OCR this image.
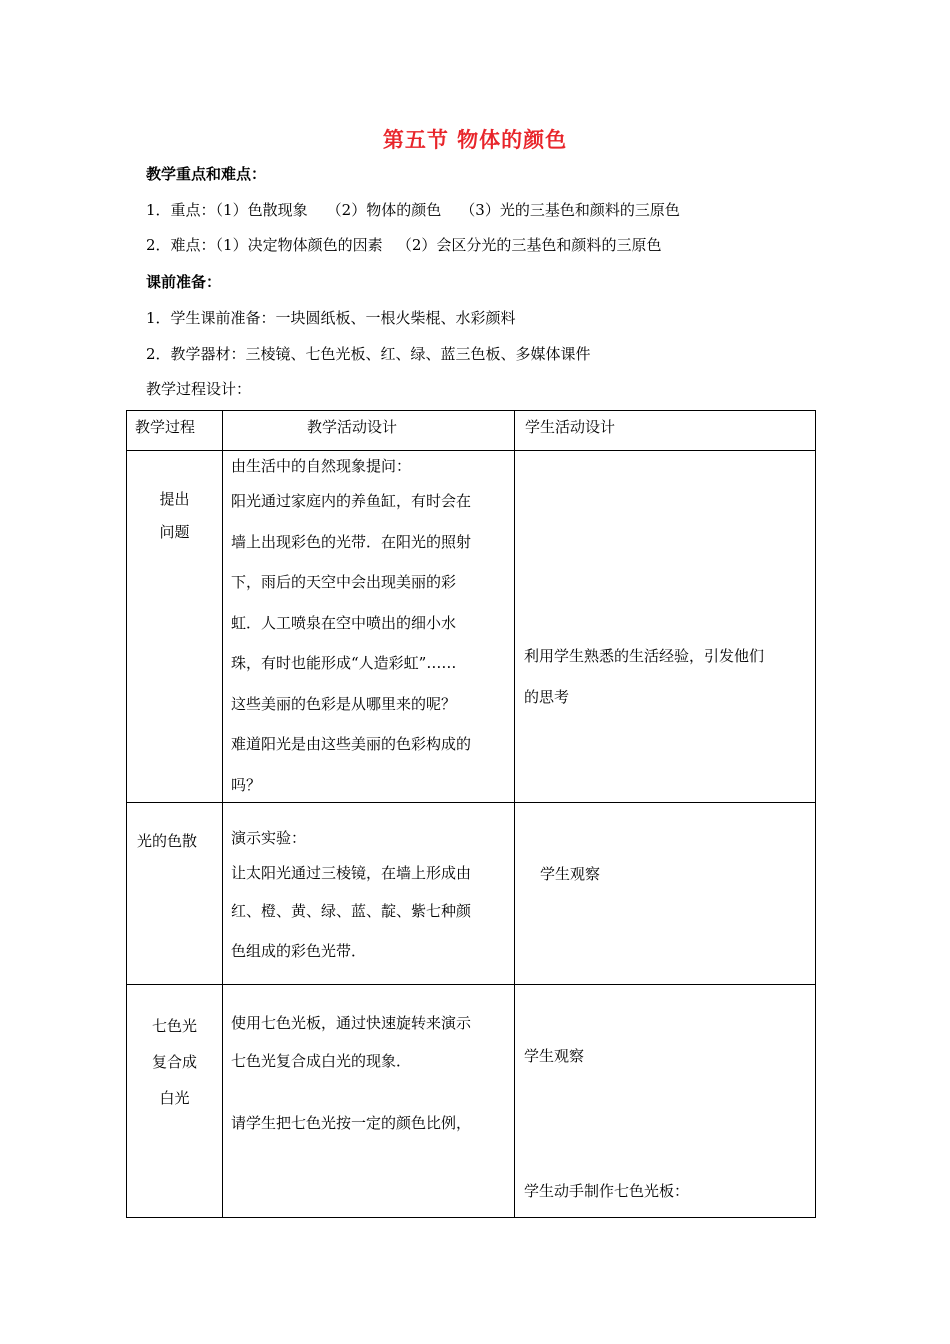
第五节 物体的颜色
教学重点和难点：
1．重点：（1）色散现象    （2）物体的颜色    （3）光的三基色和颜料的三原色
2．难点：（1）决定物体颜色的因素   （2）会区分光的三基色和颜料的三原色
课前准备：
1．学生课前准备：一块圆纸板、一根火柴棍、水彩颜料
2．教学器材：三棱镜、七色光板、红、绿、蓝三色板、多媒体课件
教学过程设计：
教学过程	教学活动设计	学生活动设计

提出

问题

由生活中的自然现象提问：

阳光通过家庭内的养鱼缸，有时会在

墙上出现彩色的光带．在阳光的照射

下，雨后的天空中会出现美丽的彩

虹．人工喷泉在空中喷出的细小水

珠，有时也能形成“人造彩虹”……

这些美丽的色彩是从哪里来的呢？

难道阳光是由这些美丽的色彩构成的

吗？

利用学生熟悉的生活经验，引发他们

的思考

光的色散 演示实验：

让太阳光通过三棱镜，在墙上形成由

红、橙、黄、绿、蓝、靛、紫七种颜

色组成的彩色光带．

学生观察

七色光

复合成

白光

使用七色光板，通过快速旋转来演示

七色光复合成白光的现象．

请学生把七色光按一定的颜色比例，

学生观察
学生动手制作七色光板：
